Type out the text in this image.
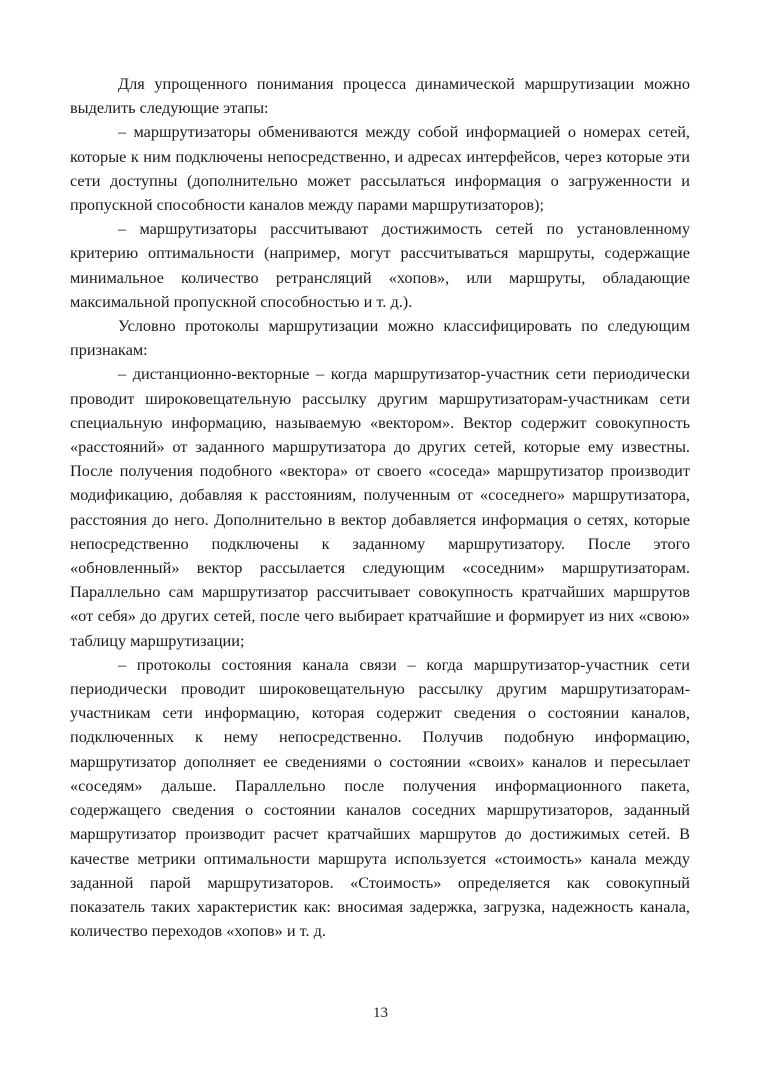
Для упрощенного понимания процесса динамической маршрутизации можно выделить следующие этапы:

– маршрутизаторы обмениваются между собой информацией о номерах сетей, которые к ним подключены непосредственно, и адресах интерфейсов, через которые эти сети доступны (дополнительно может рассылаться информация о загруженности и пропускной способности каналов между парами маршрутизаторов);

– маршрутизаторы рассчитывают достижимость сетей по установленному критерию оптимальности (например, могут рассчитываться маршруты, содержащие минимальное количество ретрансляций «хопов», или маршруты, обладающие максимальной пропускной способностью и т. д.).

Условно протоколы маршрутизации можно классифицировать по следующим признакам:

– дистанционно-векторные – когда маршрутизатор-участник сети периодически проводит широковещательную рассылку другим маршрутизаторам-участникам сети специальную информацию, называемую «вектором». Вектор содержит совокупность «расстояний» от заданного маршрутизатора до других сетей, которые ему известны. После получения подобного «вектора» от своего «соседа» маршрутизатор производит модификацию, добавляя к расстояниям, полученным от «соседнего» маршрутизатора, расстояния до него. Дополнительно в вектор добавляется информация о сетях, которые непосредственно подключены к заданному маршрутизатору. После этого «обновленный» вектор рассылается следующим «соседним» маршрутизаторам. Параллельно сам маршрутизатор рассчитывает совокупность кратчайших маршрутов «от себя» до других сетей, после чего выбирает кратчайшие и формирует из них «свою» таблицу маршрутизации;

– протоколы состояния канала связи – когда маршрутизатор-участник сети периодически проводит широковещательную рассылку другим маршрутизаторам-участникам сети информацию, которая содержит сведения о состоянии каналов, подключенных к нему непосредственно. Получив подобную информацию, маршрутизатор дополняет ее сведениями о состоянии «своих» каналов и пересылает «соседям» дальше. Параллельно после получения информационного пакета, содержащего сведения о состоянии каналов соседних маршрутизаторов, заданный маршрутизатор производит расчет кратчайших маршрутов до достижимых сетей. В качестве метрики оптимальности маршрута используется «стоимость» канала между заданной парой маршрутизаторов. «Стоимость» определяется как совокупный показатель таких характеристик как: вносимая задержка, загрузка, надежность канала, количество переходов «хопов» и т. д.

13
